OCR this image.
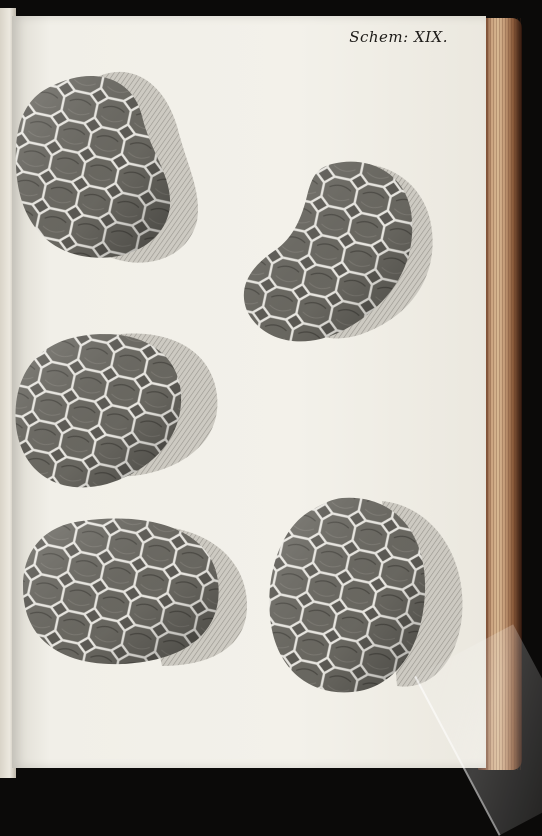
Schem: XIX.
